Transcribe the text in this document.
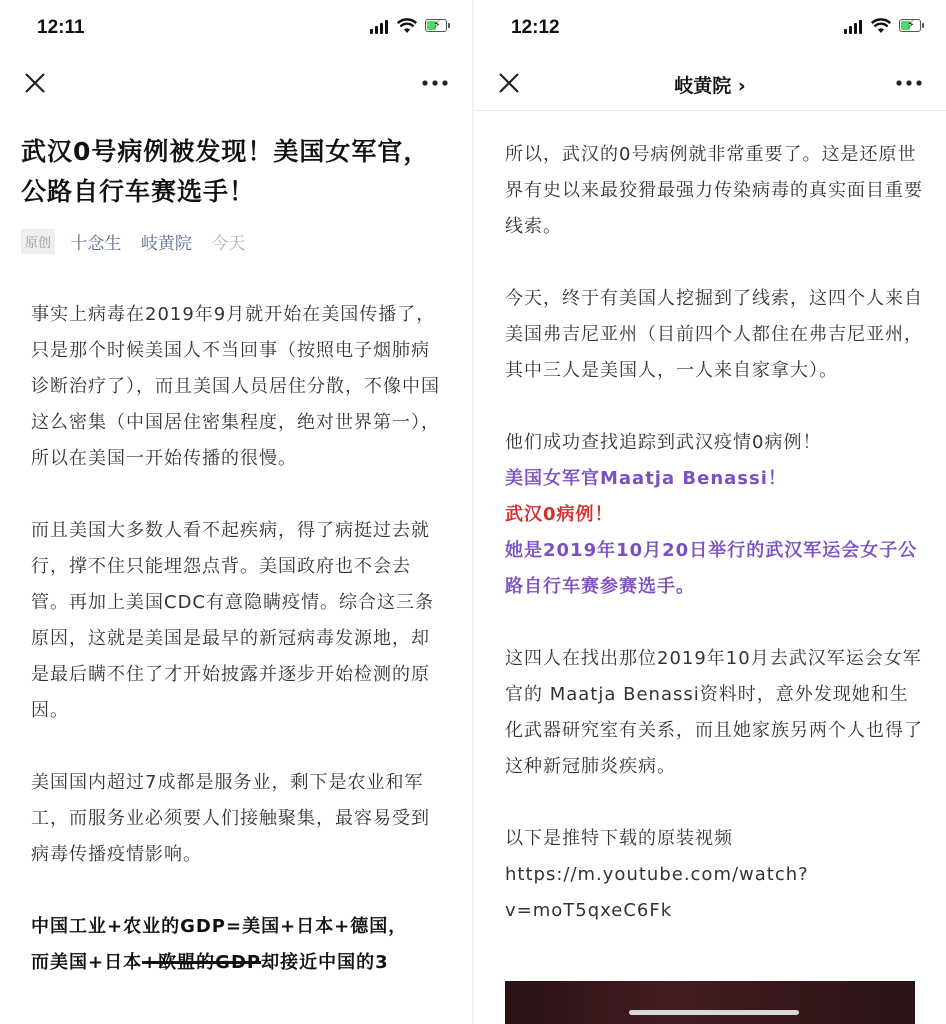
12:11	⚡
武汉0号病例被发现！美国女军官，公路自行车赛选手！
原创 十念生 岐黄院 今天

事实上病毒在2019年9月就开始在美国传播了，只是那个时候美国人不当回事（按照电子烟肺病诊断治疗了），而且美国人员居住分散，不像中国这么密集（中国居住密集程度，绝对世界第一），所以在美国一开始传播的很慢。

而且美国大多数人看不起疾病，得了病挺过去就行，撑不住只能埋怨点背。美国政府也不会去管。再加上美国CDC有意隐瞒疫情。综合这三条原因，这就是美国是最早的新冠病毒发源地，却是最后瞒不住了才开始披露并逐步开始检测的原因。

美国国内超过7成都是服务业，剩下是农业和军工，而服务业必须要人们接触聚集，最容易受到病毒传播疫情影响。

中国工业+农业的GDP=美国+日本+德国，
而美国+日本+欧盟的GDP却接近中国的3

12:12	⚡
岐黄院 ›

所以，武汉的0号病例就非常重要了。这是还原世界有史以来最狡猾最强力传染病毒的真实面目重要线索。

今天，终于有美国人挖掘到了线索，这四个人来自美国弗吉尼亚州（目前四个人都住在弗吉尼亚州，其中三人是美国人，一人来自家拿大）。

他们成功查找追踪到武汉疫情0病例！
美国女军官Maatja Benassi！
武汉0病例！
她是2019年10月20日举行的武汉军运会女子公路自行车赛参赛选手。

这四人在找出那位2019年10月去武汉军运会女军官的 Maatja Benassi资料时，意外发现她和生化武器研究室有关系，而且她家族另两个人也得了这种新冠肺炎疾病。

以下是推特下载的原装视频
https://m.youtube.com/watch?
v=moT5qxeC6Fk
